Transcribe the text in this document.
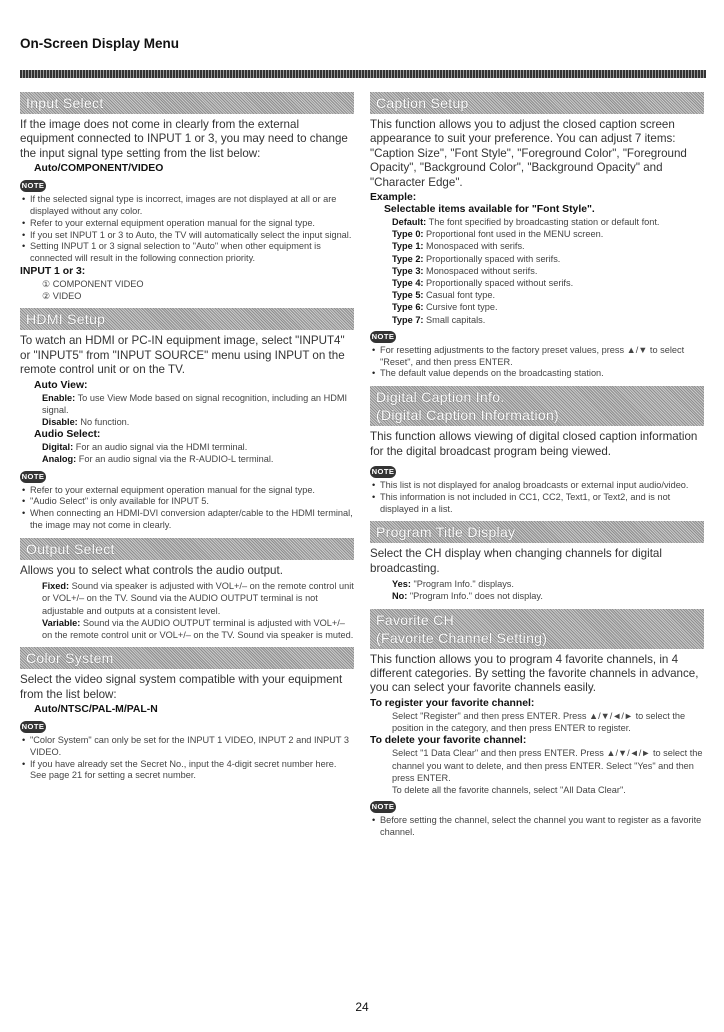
On-Screen Display Menu
Input Select
If the image does not come in clearly from the external equipment connected to INPUT 1 or 3, you may need to change the input signal type setting from the list below:
Auto/COMPONENT/VIDEO
NOTE
• If the selected signal type is incorrect, images are not displayed at all or are displayed without any color.
• Refer to your external equipment operation manual for the signal type.
• If you set INPUT 1 or 3 to Auto, the TV will automatically select the input signal.
• Setting INPUT 1 or 3 signal selection to "Auto" when other equipment is connected will result in the following connection priority.
INPUT 1 or 3:
① COMPONENT VIDEO
② VIDEO
HDMI Setup
To watch an HDMI or PC-IN equipment image, select "INPUT4" or "INPUT5" from "INPUT SOURCE" menu using INPUT on the remote control unit or on the TV.
Auto View:
Enable: To use View Mode based on signal recognition, including an HDMI signal.
Disable: No function.
Audio Select:
Digital: For an audio signal via the HDMI terminal.
Analog: For an audio signal via the R-AUDIO-L terminal.
NOTE
• Refer to your external equipment operation manual for the signal type.
• "Audio Select" is only available for INPUT 5.
• When connecting an HDMI-DVI conversion adapter/cable to the HDMI terminal, the image may not come in clearly.
Output Select
Allows you to select what controls the audio output.
Fixed: Sound via speaker is adjusted with VOL+/– on the remote control unit or VOL+/– on the TV. Sound via the AUDIO OUTPUT terminal is not adjustable and outputs at a consistent level.
Variable: Sound via the AUDIO OUTPUT terminal is adjusted with VOL+/– on the remote control unit or VOL+/– on the TV. Sound via speaker is muted.
Color System
Select the video signal system compatible with your equipment from the list below:
Auto/NTSC/PAL-M/PAL-N
NOTE
• "Color System" can only be set for the INPUT 1 VIDEO, INPUT 2 and INPUT 3 VIDEO.
• If you have already set the Secret No., input the 4-digit secret number here. See page 21 for setting a secret number.
Caption Setup
This function allows you to adjust the closed caption screen appearance to suit your preference. You can adjust 7 items: "Caption Size", "Font Style", "Foreground Color", "Foreground Opacity", "Background Color", "Background Opacity" and "Character Edge".
Example:
Selectable items available for "Font Style".
Default: The font specified by broadcasting station or default font.
Type 0: Proportional font used in the MENU screen.
Type 1: Monospaced with serifs.
Type 2: Proportionally spaced with serifs.
Type 3: Monospaced without serifs.
Type 4: Proportionally spaced without serifs.
Type 5: Casual font type.
Type 6: Cursive font type.
Type 7: Small capitals.
NOTE
• For resetting adjustments to the factory preset values, press ▲/▼ to select "Reset", and then press ENTER.
• The default value depends on the broadcasting station.
Digital Caption Info.
(Digital Caption Information)
This function allows viewing of digital closed caption information for the digital broadcast program being viewed.
NOTE
• This list is not displayed for analog broadcasts or external input audio/video.
• This information is not included in CC1, CC2, Text1, or Text2, and is not displayed in a list.
Program Title Display
Select the CH display when changing channels for digital broadcasting.
Yes: "Program Info." displays.
No: "Program Info." does not display.
Favorite CH
(Favorite Channel Setting)
This function allows you to program 4 favorite channels, in 4 different categories. By setting the favorite channels in advance, you can select your favorite channels easily.
To register your favorite channel:
Select "Register" and then press ENTER. Press ▲/▼/◄/► to select the position in the category, and then press ENTER to register.
To delete your favorite channel:
Select "1 Data Clear" and then press ENTER. Press ▲/▼/◄/► to select the channel you want to delete, and then press ENTER. Select "Yes" and then press ENTER.
To delete all the favorite channels, select "All Data Clear".
NOTE
• Before setting the channel, select the channel you want to register as a favorite channel.
24
